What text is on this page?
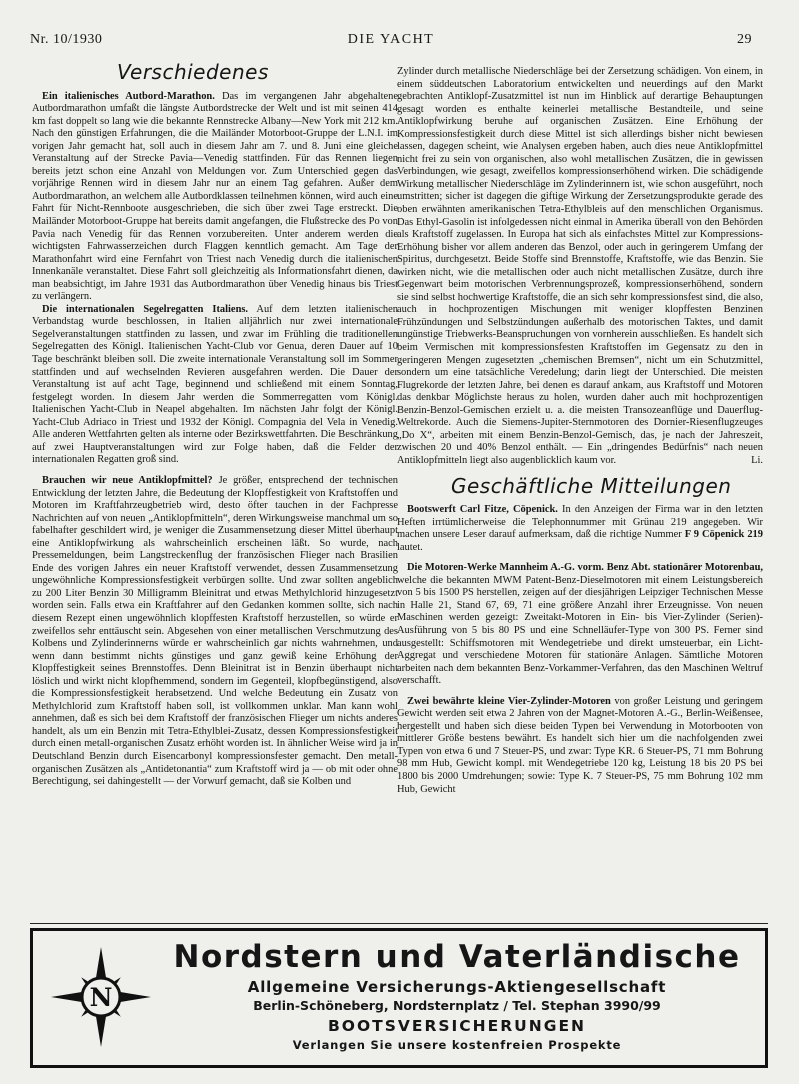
Nr. 10/1930	DIE YACHT	29
Verschiedenes

Ein italienisches Autbord-Marathon. Das im vergangenen Jahr abgehaltene Autbordmarathon umfaßt die längste Autbordstrecke der Welt und ist mit seinen 414 km fast doppelt so lang wie die bekannte Rennstrecke Albany—New York mit 212 km. Nach den günstigen Erfahrungen, die die Mailänder Motorboot-Gruppe der L.N.I. im vorigen Jahr gemacht hat, soll auch in diesem Jahr am 7. und 8. Juni eine gleiche Veranstaltung auf der Strecke Pavia—Venedig stattfinden. Für das Rennen liegen bereits jetzt schon eine Anzahl von Meldungen vor. Zum Unterschied gegen das vorjährige Rennen wird in diesem Jahr nur an einem Tag gefahren. Außer dem Autbordmarathon, an welchem alle Autbordklassen teilnehmen können, wird auch eine Fahrt für Nicht-Rennboote ausgeschrieben, die sich über zwei Tage erstreckt. Die Mailänder Motorboot-Gruppe hat bereits damit angefangen, die Flußstrecke des Po von Pavia nach Venedig für das Rennen vorzubereiten. Unter anderem werden die wichtigsten Fahrwasserzeichen durch Flaggen kenntlich gemacht. Am Tage der Marathonfahrt wird eine Fernfahrt von Triest nach Venedig durch die italienischen Innenkanäle veranstaltet. Diese Fahrt soll gleichzeitig als Informationsfahrt dienen, da man beabsichtigt, im Jahre 1931 das Autbordmarathon über Venedig hinaus bis Triest zu verlängern.

Die internationalen Segelregatten Italiens. Auf dem letzten italienischen Verbandstag wurde beschlossen, in Italien alljährlich nur zwei internationale Segelveranstaltungen stattfinden zu lassen, und zwar im Frühling die traditionellen Segelregatten des Königl. Italienischen Yacht-Club vor Genua, deren Dauer auf 10 Tage beschränkt bleiben soll. Die zweite internationale Veranstaltung soll im Sommer stattfinden und auf wechselnden Revieren ausgefahren werden. Die Dauer der Veranstaltung ist auf acht Tage, beginnend und schließend mit einem Sonntag, festgelegt worden. In diesem Jahr werden die Sommerregatten vom Königl. Italienischen Yacht-Club in Neapel abgehalten. Im nächsten Jahr folgt der Königl. Yacht-Club Adriaco in Triest und 1932 der Königl. Compagnia del Vela in Venedig. Alle anderen Wettfahrten gelten als interne oder Bezirkswettfahrten. Die Beschränkung auf zwei Hauptveranstaltungen wird zur Folge haben, daß die Felder der internationalen Regatten groß sind.

Brauchen wir neue Antiklopfmittel? Je größer, entsprechend der technischen Entwicklung der letzten Jahre, die Bedeutung der Klopffestigkeit von Kraftstoffen und Motoren im Kraftfahrzeugbetrieb wird, desto öfter tauchen in der Fachpresse Nachrichten auf von neuen „Antiklopfmitteln“, deren Wirkungsweise manchmal um so fabelhafter geschildert wird, je weniger die Zusammensetzung dieser Mittel überhaupt eine Antiklopfwirkung als wahrscheinlich erscheinen läßt. So wurde, nach Pressemeldungen, beim Langstreckenflug der französischen Flieger nach Brasilien Ende des vorigen Jahres ein neuer Kraftstoff verwendet, dessen Zusammensetzung ungewöhnliche Kompressionsfestigkeit verbürgen sollte. Und zwar sollten angeblich zu 200 Liter Benzin 30 Milligramm Bleinitrat und etwas Methylchlorid hinzugesetzt worden sein. Falls etwa ein Kraftfahrer auf den Gedanken kommen sollte, sich nach diesem Rezept einen ungewöhnlich klopffesten Kraftstoff herzustellen, so würde er zweifellos sehr enttäuscht sein. Abgesehen von einer metallischen Verschmutzung des Kolbens und Zylinderinnerns würde er wahrscheinlich gar nichts wahrnehmen, und wenn dann bestimmt nichts günstiges und ganz gewiß keine Erhöhung der Klopffestigkeit seines Brennstoffes. Denn Bleinitrat ist in Benzin überhaupt nicht löslich und wirkt nicht klopfhemmend, sondern im Gegenteil, klopfbegünstigend, also die Kompressionsfestigkeit herabsetzend. Und welche Bedeutung ein Zusatz von Methylchlorid zum Kraftstoff haben soll, ist vollkommen unklar. Man kann wohl annehmen, daß es sich bei dem Kraftstoff der französischen Flieger um nichts anderes handelt, als um ein Benzin mit Tetra-Ethylblei-Zusatz, dessen Kompressionsfestigkeit durch einen metall-organischen Zusatz erhöht worden ist. In ähnlicher Weise wird ja in Deutschland Benzin durch Eisencarbonyl kompressionsfester gemacht. Den metall-organischen Zusätzen als „Antidetonantia“ zum Kraftstoff wird ja — ob mit oder ohne Berechtigung, sei dahingestellt — der Vorwurf gemacht, daß sie Kolben und

Zylinder durch metallische Niederschläge bei der Zersetzung schädigen. Von einem, in einem süddeutschen Laboratorium entwickelten und neuerdings auf den Markt gebrachten Antiklopf-Zusatzmittel ist nun im Hinblick auf derartige Behauptungen gesagt worden es enthalte keinerlei metallische Bestandteile, und seine Antiklopfwirkung beruhe auf organischen Zusätzen. Eine Erhöhung der Kompressionsfestigkeit durch diese Mittel ist sich allerdings bisher nicht bewiesen lassen, dagegen scheint, wie Analysen ergeben haben, auch dies neue Antiklopfmittel nicht frei zu sein von organischen, also wohl metallischen Zusätzen, die in gewissen Verbindungen, wie gesagt, zweifellos kompressionserhöhend wirken. Die schädigende Wirkung metallischer Niederschläge im Zylinderinnern ist, wie schon ausgeführt, noch umstritten; sicher ist dagegen die giftige Wirkung der Zersetzungsprodukte gerade des oben erwähnten amerikanischen Tetra-Ethylbleis auf den menschlichen Organismus. Das Ethyl-Gasolin ist infolgedessen nicht einmal in Amerika überall von den Behörden als Kraftstoff zugelassen. In Europa hat sich als einfachstes Mittel zur Kompressions-Erhöhung bisher vor allem anderen das Benzol, oder auch in geringerem Umfang der Spiritus, durchgesetzt. Beide Stoffe sind Brennstoffe, Kraftstoffe, wie das Benzin. Sie wirken nicht, wie die metallischen oder auch nicht metallischen Zusätze, durch ihre Gegenwart beim motorischen Verbrennungsprozeß, kompressionserhöhend, sondern sie sind selbst hochwertige Kraftstoffe, die an sich sehr kompressionsfest sind, die also, auch in hochprozentigen Mischungen mit weniger klopffesten Benzinen Frühzündungen und Selbstzündungen außerhalb des motorischen Taktes, und damit ungünstige Triebwerks-Beanspruchungen von vornherein ausschließen. Es handelt sich beim Vermischen mit kompressionsfesten Kraftstoffen im Gegensatz zu den in geringeren Mengen zugesetzten „chemischen Bremsen“, nicht um ein Schutzmittel, sondern um eine tatsächliche Veredelung; darin liegt der Unterschied. Die meisten Flugrekorde der letzten Jahre, bei denen es darauf ankam, aus Kraftstoff und Motoren das denkbar Möglichste heraus zu holen, wurden daher auch mit hochprozentigen Benzin-Benzol-Gemischen erzielt u. a. die meisten Transozeanflüge und Dauerflug-Weltrekorde. Auch die Siemens-Jupiter-Sternmotoren des Dornier-Riesenflugzeuges „Do X“, arbeiten mit einem Benzin-Benzol-Gemisch, das, je nach der Jahreszeit, zwischen 20 und 40% Benzol enthält. — Ein „dringendes Bedürfnis“ nach neuen Antiklopfmitteln liegt also augenblicklich kaum vor.	Li.

Geschäftliche Mitteilungen

Bootswerft Carl Fitze, Cöpenick. In den Anzeigen der Firma war in den letzten Heften irrtümlicherweise die Telephonnummer mit Grünau 219 angegeben. Wir machen unsere Leser darauf aufmerksam, daß die richtige Nummer F 9 Cöpenick 219 lautet.

Die Motoren-Werke Mannheim A.-G. vorm. Benz Abt. stationärer Motorenbau, welche die bekannten MWM Patent-Benz-Dieselmotoren mit einem Leistungsbereich von 5 bis 1500 PS herstellen, zeigen auf der diesjährigen Leipziger Technischen Messe in Halle 21, Stand 67, 69, 71 eine größere Anzahl ihrer Erzeugnisse. Von neuen Maschinen werden gezeigt: Zweitakt-Motoren in Ein- bis Vier-Zylinder (Serien)-Ausführung von 5 bis 80 PS und eine Schnelläufer-Type von 300 PS. Ferner sind ausgestellt: Schiffsmotoren mit Wendegetriebe und direkt umsteuerbar, ein Licht-Aggregat und verschiedene Motoren für stationäre Anlagen. Sämtliche Motoren arbeiten nach dem bekannten Benz-Vorkammer-Verfahren, das den Maschinen Weltruf verschafft.

Zwei bewährte kleine Vier-Zylinder-Motoren von großer Leistung und geringem Gewicht werden seit etwa 2 Jahren von der Magnet-Motoren A.-G., Berlin-Weißensee, hergestellt und haben sich diese beiden Typen bei Verwendung in Motorbooten von mittlerer Größe bestens bewährt. Es handelt sich hier um die nachfolgenden zwei Typen von etwa 6 und 7 Steuer-PS, und zwar: Type KR. 6 Steuer-PS, 71 mm Bohrung 98 mm Hub, Gewicht kompl. mit Wendegetriebe 120 kg, Leistung 18 bis 20 PS bei 1800 bis 2000 Umdrehungen; sowie: Type K. 7 Steuer-PS, 75 mm Bohrung 102 mm Hub, Gewicht

N
Nordstern und Vaterländische
Allgemeine Versicherungs-Aktiengesellschaft
Berlin-Schöneberg, Nordsternplatz / Tel. Stephan 3990/99
BOOTSVERSICHERUNGEN
Verlangen Sie unsere kostenfreien Prospekte
